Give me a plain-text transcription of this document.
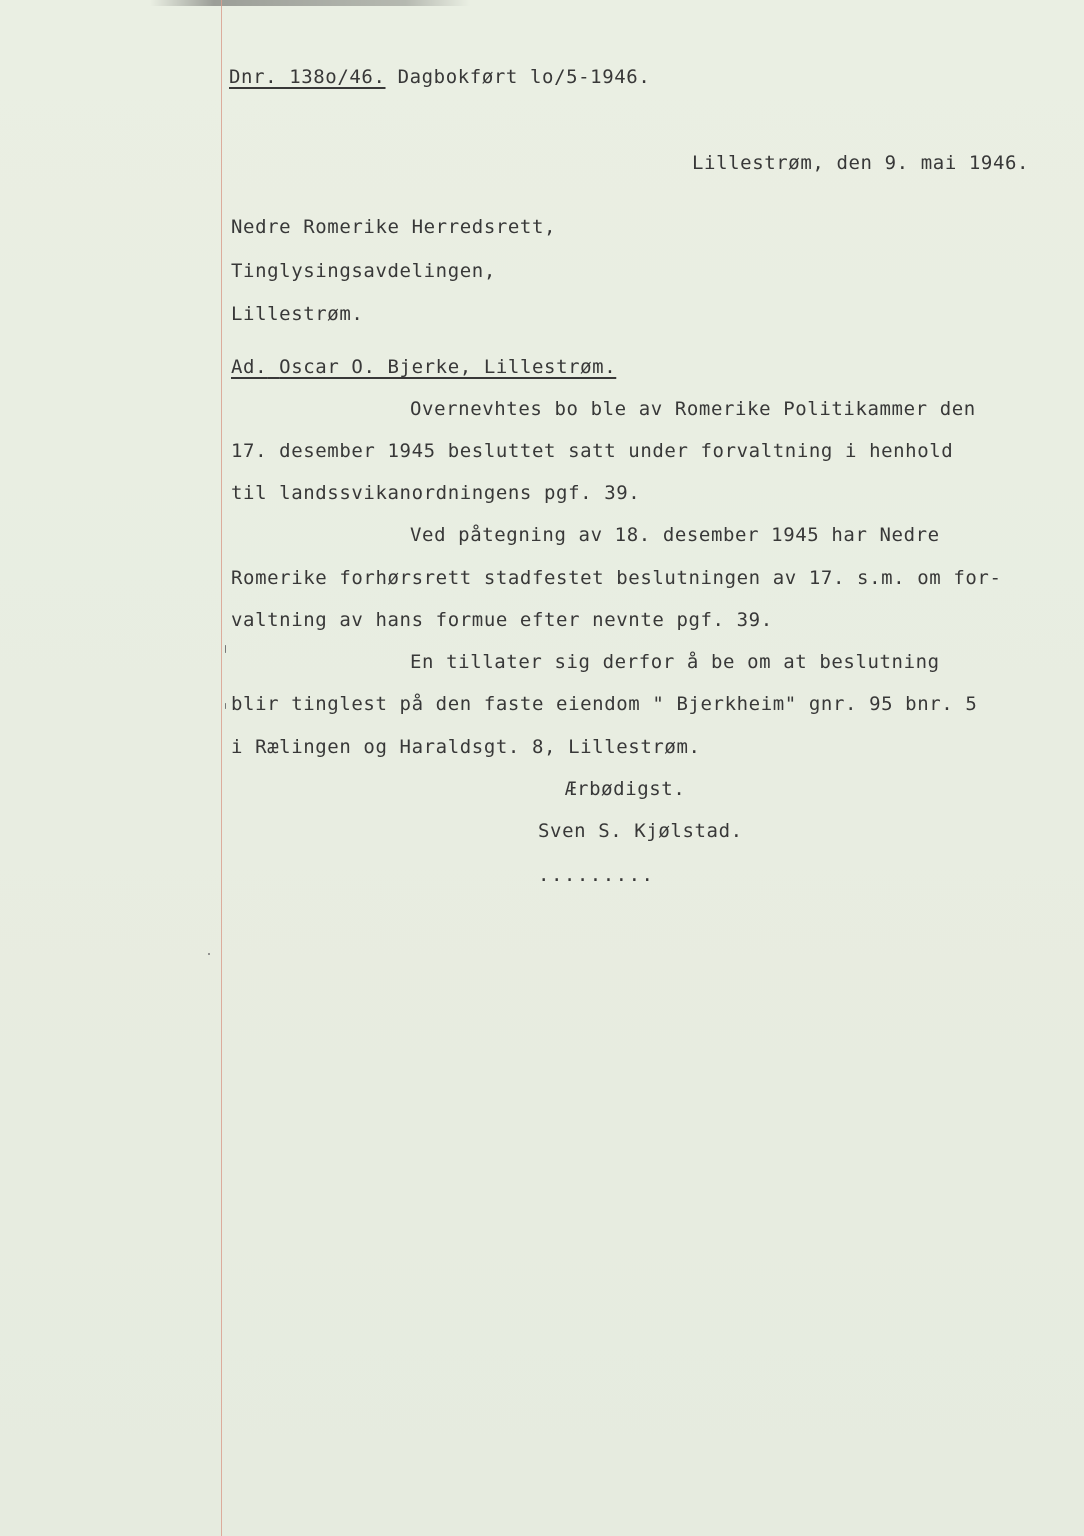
Dnr. 138o/46. Dagbokført lo/5-1946.
Lillestrøm, den 9. mai 1946.
Nedre Romerike Herredsrett,
Tinglysingsavdelingen,
Lillestrøm.
Ad. Oscar O. Bjerke, Lillestrøm.
Overnevhtes bo ble av Romerike Politikammer den
17. desember 1945 besluttet satt under forvaltning i henhold
til landssvikanordningens pgf. 39.
Ved påtegning av 18. desember 1945 har Nedre
Romerike forhørsrett stadfestet beslutningen av 17. s.m. om for-
valtning av hans formue efter nevnte pgf. 39.
En tillater sig derfor å be om at beslutning
blir tinglest på den faste eiendom " Bjerkheim" gnr. 95 bnr. 5
i Rælingen og Haraldsgt. 8, Lillestrøm.
Ærbødigst.
Sven S. Kjølstad.
.........
